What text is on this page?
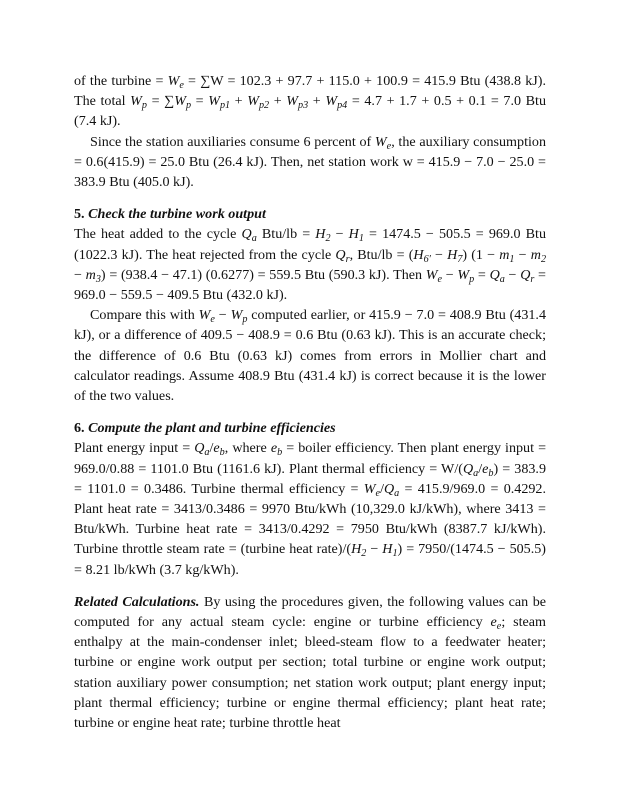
of the turbine = $W_e = \sum W = 102.3 + 97.7 + 115.0 + 100.9 = 415.9$ Btu (438.8 kJ). The total $W_p = \sum W_p = W_{p1} + W_{p2} + W_{p3} + W_{p4} = 4.7 + 1.7 + 0.5 + 0.1 = 7.0$ Btu (7.4 kJ).

Since the station auxiliaries consume 6 percent of $W_e$, the auxiliary consumption = 0.6(415.9) = 25.0 Btu (26.4 kJ). Then, net station work w = 415.9 − 7.0 − 25.0 = 383.9 Btu (405.0 kJ).

5. Check the turbine work output

The heat added to the cycle $Q_a$ $Btu/lb = H_2 - H_1 = 1474.5 - 505.5 = 969.0$ Btu (1022.3 kJ). The heat rejected from the cycle $Q_r$, $Btu/lb = (H_{6'} - H_7) (1 - m_1 - m_2 - m_3) = (938.4 - 47.1) (0.6277) = 559.5$ Btu (590.3 kJ). Then $W_e - W_p = Q_a - Q_r = 969.0 - 559.5 - 409.5$ Btu (432.0 kJ).

Compare this with $W_e - W_p$ computed earlier, or 415.9 − 7.0 = 408.9 Btu (431.4 kJ), or a difference of 409.5 − 408.9 = 0.6 Btu (0.63 kJ). This is an accurate check; the difference of 0.6 Btu (0.63 kJ) comes from errors in Mollier chart and calculator readings. Assume 408.9 Btu (431.4 kJ) is correct because it is the lower of the two values.

6. Compute the plant and turbine efficiencies

Plant energy input = $Q_a/e_b$, where $e_b$ = boiler efficiency. Then plant energy input = 969.0/0.88 = 1101.0 Btu (1161.6 kJ). Plant thermal efficiency = $W/(Q_a/e_b) = 383.9 = 1101.0 = 0.3486$. Turbine thermal efficiency = $W_e/Q_a = 415.9/969.0 = 0.4292$. Plant heat rate = 3413/0.3486 = 9970 Btu/kWh (10,329.0 kJ/kWh), where 3413 = Btu/kWh. Turbine heat rate = 3413/0.4292 = 7950 Btu/kWh (8387.7 kJ/kWh). Turbine throttle steam rate = (turbine heat $rate)/(H_2 - H_1) = 7950/(1474.5 - 505.5) = 8.21$ lb/kWh (3.7 kg/kWh).

Related Calculations. By using the procedures given, the following values can be computed for any actual steam cycle: engine or turbine efficiency $e_e$; steam enthalpy at the main-condenser inlet; bleed-steam flow to a feedwater heater; turbine or engine work output per section; total turbine or engine work output; station auxiliary power consumption; net station work output; plant energy input; plant thermal efficiency; turbine or engine thermal efficiency; plant heat rate; turbine or engine heat rate; turbine throttle heat
